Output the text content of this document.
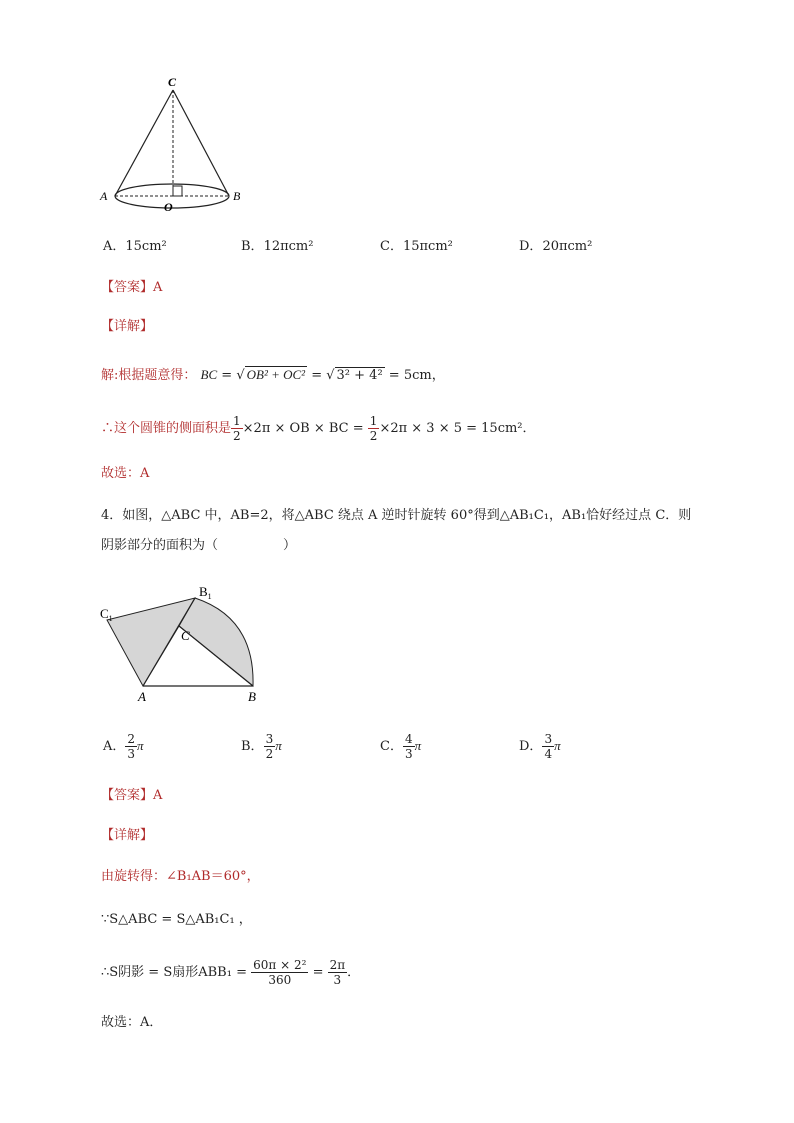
C
A	B
O
A．15cm²	B．12πcm²	C．15πcm²	D．20πcm²
【答案】A
【详解】
解:根据题意得： BC = √ OB² + OC² = √ 3² + 4² = 5cm，
∴这个圆锥的侧面积是 $\frac{1}{2} \times 2\pi$ × OB × BC = $\frac{1}{2} \times 2\pi \times 3 \times 5 = 15cm^2$．
故选：A
4．如图，△ABC 中，AB=2，将△ABC 绕点 A 逆时针旋转 60°得到△AB₁C₁，AB₁恰好经过点 C．则
阴影部分的面积为（　　　　　）
$C_1$
$B_1$
C
A	B
A． $\frac{2}{3}$ π	B． $\frac{3}{2}$ π	C． $\frac{4}{3}$ π	D． $\frac{3}{4}$ π
【答案】A
【详解】
由旋转得：∠B₁AB＝60°，
∵S△ABC = S△AB₁C₁ ，
∴S阴影 = S扇形$ABB_1 = \frac{\text{60π × 2²}}{360} = \frac{2\pi}{3}$ ．
故选：A．
